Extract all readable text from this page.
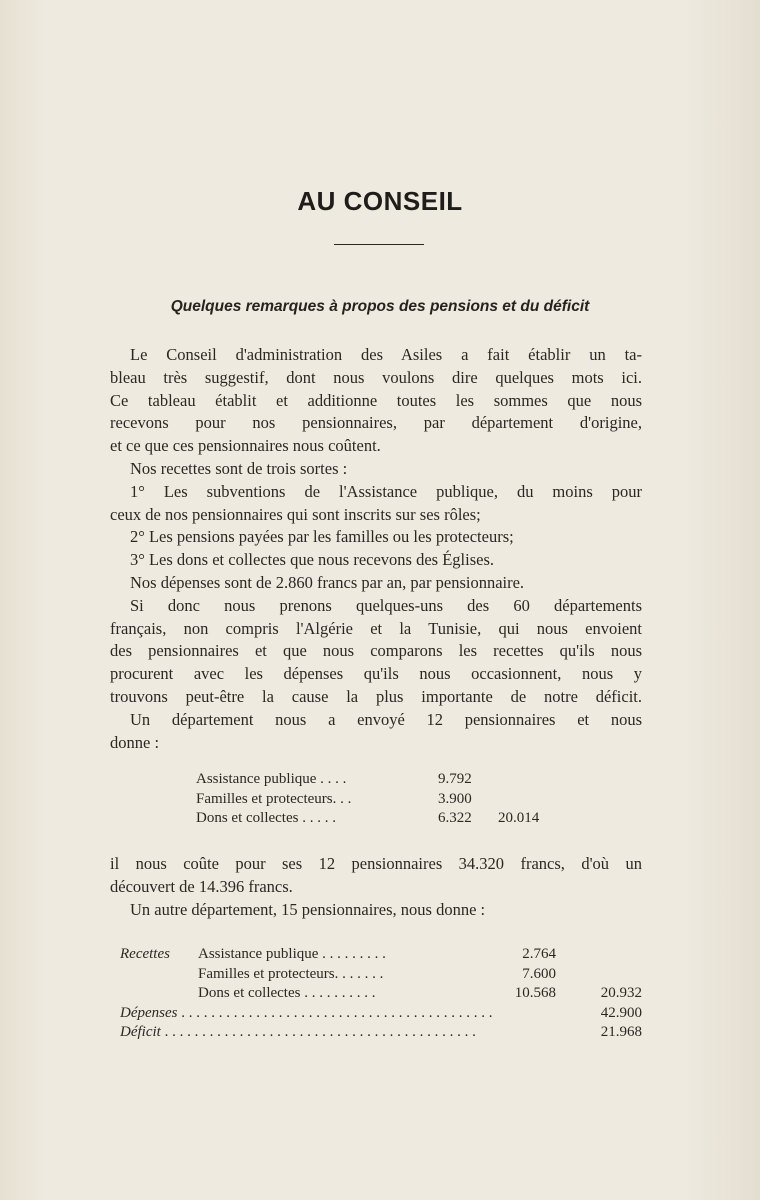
AU CONSEIL
Quelques remarques à propos des pensions et du déficit

Le Conseil d'administration des Asiles a fait établir un ta-
bleau très suggestif, dont nous voulons dire quelques mots ici.
Ce tableau établit et additionne toutes les sommes que nous
recevons pour nos pensionnaires, par département d'origine,
et ce que ces pensionnaires nous coûtent.

Nos recettes sont de trois sortes :

1° Les subventions de l'Assistance publique, du moins pour
ceux de nos pensionnaires qui sont inscrits sur ses rôles;

2° Les pensions payées par les familles ou les protecteurs;

3° Les dons et collectes que nous recevons des Églises.

Nos dépenses sont de 2.860 francs par an, par pensionnaire.

Si donc nous prenons quelques-uns des 60 départements
français, non compris l'Algérie et la Tunisie, qui nous envoient
des pensionnaires et que nous comparons les recettes qu'ils nous
procurent avec les dépenses qu'ils nous occasionnent, nous y
trouvons peut-être la cause la plus importante de notre déficit.

Un département nous a envoyé 12 pensionnaires et nous
donne :

Assistance publique . . . .	9.792
Familles et protecteurs. . .	3.900
Dons et collectes . . . . .	6.322	20.014

il nous coûte pour ses 12 pensionnaires 34.320 francs, d'où un
découvert de 14.396 francs.

Un autre département, 15 pensionnaires, nous donne :

Recettes	Assistance publique . . . . . . . . .	2.764
Familles et protecteurs. . . . . . .	7.600
Dons et collectes . . . . . . . . . .	10.568	20.932
Dépenses . . .	42.900
Déficit . . .	21.968
